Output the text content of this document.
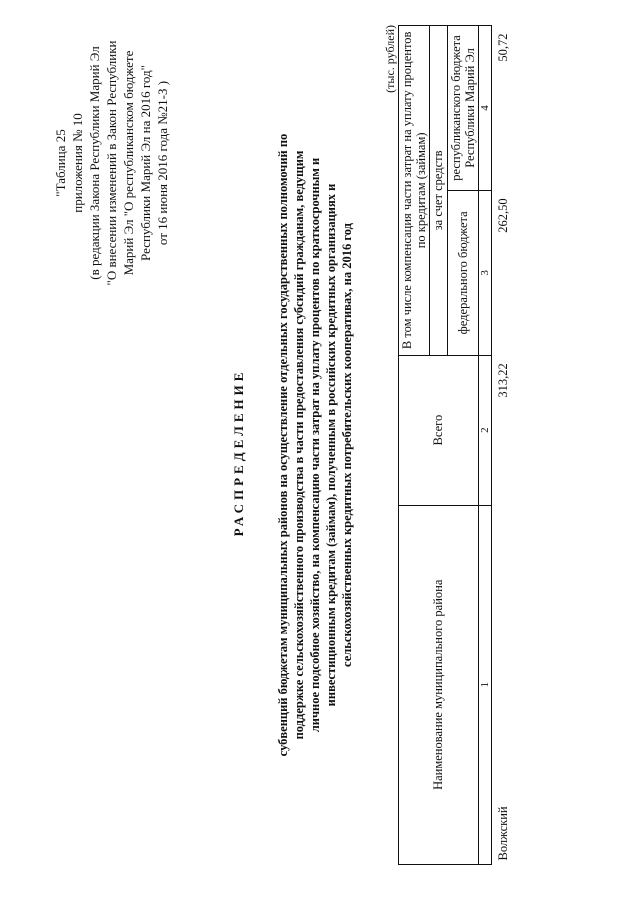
"Таблица 25 приложения № 10 (в редакции Закона Республики Марий Эл "О внесении изменений в Закон Республики Марий Эл "О республиканском бюджете Республики Марий Эл на 2016 год" от 16 июня 2016 года №21-З )
РАСПРЕДЕЛЕНИЕ субвенций бюджетам муниципальных районов на осуществление отдельных государственных полномочий по поддержке сельскохозяйственного производства в части предоставления субсидий гражданам, ведущим личное подсобное хозяйство, на компенсацию части затрат на уплату процентов по краткосрочным и инвестиционным кредитам (займам), полученным в российских кредитных организациях и сельскохозяйственных кредитных потребительских кооперативах, на 2016 год
(тыс. рублей)
Наименование муниципального района	Всего	В том числе компенсация части затрат на уплату процентов по кредитам (займам)	
		за счет средств	
		федерального бюджета	республиканского бюджета Республики Марий Эл
1	2	3	4
Волжский	313,22	262,50	50,72
